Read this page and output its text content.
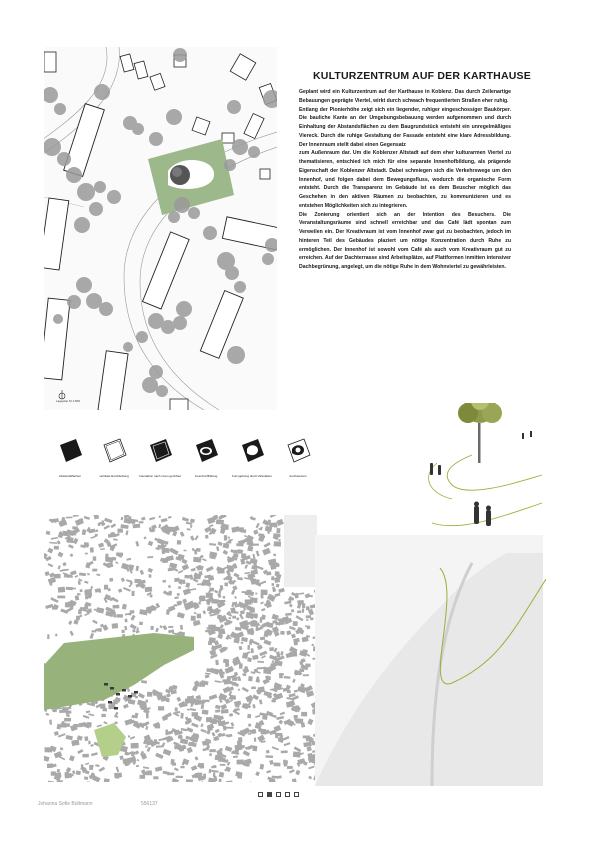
Lageplan M 1:500
KULTURZENTRUM AUF DER KARTHAUSE

Geplant wird ein Kulturzentrum auf der Karthause in Koblenz. Das durch Zeilenartige Bebauungen geprägte Viertel, wirkt durch schwach frequentierten Straßen eher ruhig.

Entlang der Pionierhöhe zeigt sich ein liegender, ruhiger eingeschossiger Baukörper. Die bauliche Kante an der Umgebungsbebauung werden aufgenommen und durch Einhaltung der Abstandsflächen zu dem Baugrundstück entsteht ein unregelmäßiges Viereck. Durch die ruhige Gestaltung der Fassade entsteht eine klare Adressbildung. Der Innenraum stellt dabei einen Gegensatz

zum Außenraum dar. Um die Koblenzer Altstadt auf dem eher kulturarmen Viertel zu thematisieren, entschied ich mich für eine separate Innenhofbildung, als prägende Eigenschaft der Koblenzer Altstadt. Dabei schmiegen sich die Verkehrswege um den Innenhof, und folgen dabei dem Bewegungsfluss, wodurch die organische Form entsteht. Durch die Transparenz im Gebäude ist es dem Beuscher möglich das Geschehen in den aktiven Räumen zu beobachten, zu kommunizieren und es entstehen Möglichkeiten sich zu integrieren.

Die Zonierung orientiert sich an der Intention des Besuchers. Die Veranstaltungsräume sind schnell erreichbar und das Café lädt spontan zum Verweilen ein. Der Kreativraum ist vom Innenhof zwar gut zu beobachten, jedoch im hinteren Teil des Gebäudes plaziert um nötige Konzentration durch Ruhe zu ermöglichen. Der Innenhof ist sowohl vom Café als auch vom Kreativraum gut zu erreichen. Auf der Dachterrasse sind Arbeitsplätze, auf Plattformen inmitten intensiver Dachbegrünung, angelegt, um die nötige Ruhe in dem Wohnviertel zu gewährleisten.

Abstandsflächen	vertikale Erschließung	Interaktion nach innen gerichtet	Innenhof Bildung	Formgebung durch Zirkulation	durchsteinen
Johanna Sofie Bültmann	556137
